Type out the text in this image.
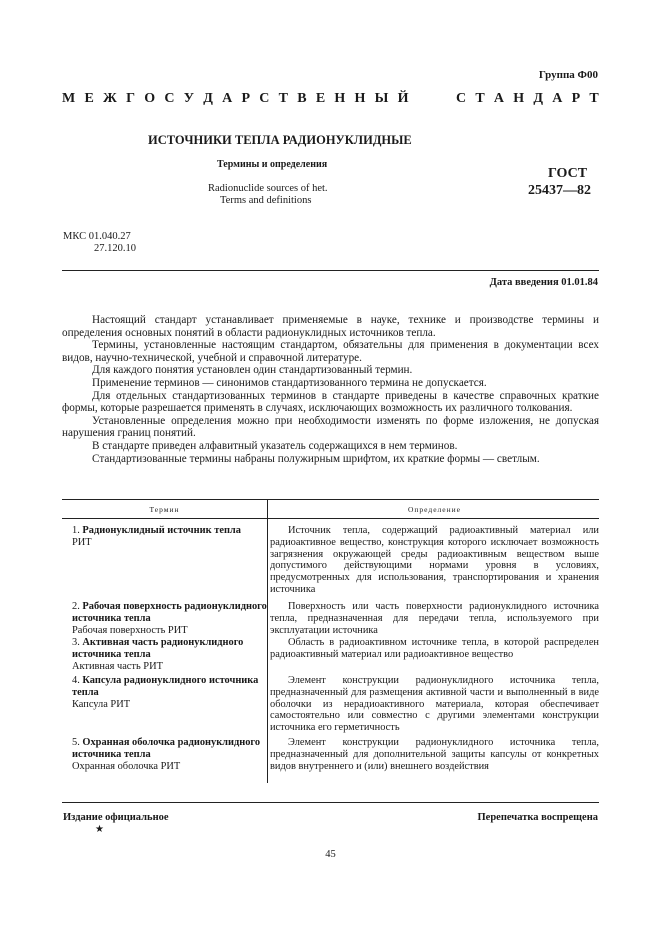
Группа Ф00
М Е Ж Г О С У Д А Р С Т В Е Н Н Ы Й

	С Т А Н Д А Р Т
ИСТОЧНИКИ ТЕПЛА РАДИОНУКЛИДНЫЕ
Термины и определения
Radionuclide sources of het.
Terms and definitions
ГОСТ
25437—82
МКС 01.040.27
27.120.10
Дата введения 01.01.84

Настоящий стандарт устанавливает применяемые в науке, технике и производстве термины и определения основных понятий в области радионуклидных источников тепла.

Термины, установленные настоящим стандартом, обязательны для применения в документации всех видов, научно-технической, учебной и справочной литературе.

Для каждого понятия установлен один стандартизованный термин.

Применение терминов — синонимов стандартизованного термина не допускается.

Для отдельных стандартизованных терминов в стандарте приведены в качестве справочных краткие формы, которые разрешается применять в случаях, исключающих возможность их различного толкования.

Установленные определения можно при необходимости изменять по форме изложения, не допуская нарушения границ понятий.

В стандарте приведен алфавитный указатель содержащихся в нем терминов.

Стандартизованные термины набраны полужирным шрифтом, их краткие формы — светлым.

Термин	Определение
1. Радионуклидный источник тепла
РИТ
Источник тепла, содержащий радиоактивный материал или радиоактивное вещество, конструкция которого исключает возможность загрязнения окружающей среды радиоактивным веществом выше допустимого действующими нормами уровня в условиях, предусмотренных для использования, транспортирования и хранения источника
2. Рабочая поверхность радионуклидного источника тепла
Рабочая поверхность РИТ
Поверхность или часть поверхности радионуклидного источника тепла, предназначенная для передачи тепла, используемого при эксплуатации источника
3. Активная часть радионуклидного источника тепла
Активная часть РИТ
Область в радиоактивном источнике тепла, в которой распределен радиоактивный материал или радиоактивное вещество
4. Капсула радионуклидного источника тепла
Капсула РИТ
Элемент конструкции радионуклидного источника тепла, предназначенный для размещения активной части и выполненный в виде оболочки из нерадиоактивного материала, которая обеспечивает самостоятельно или совместно с другими элементами конструкции источника его герметичность
5. Охранная оболочка радионуклидного источника тепла
Охранная оболочка РИТ
Элемент конструкции радионуклидного источника тепла, предназначенный для дополнительной защиты капсулы от конкретных видов внутреннего и (или) внешнего воздействия
Издание официальное
★
Перепечатка воспрещена
45
